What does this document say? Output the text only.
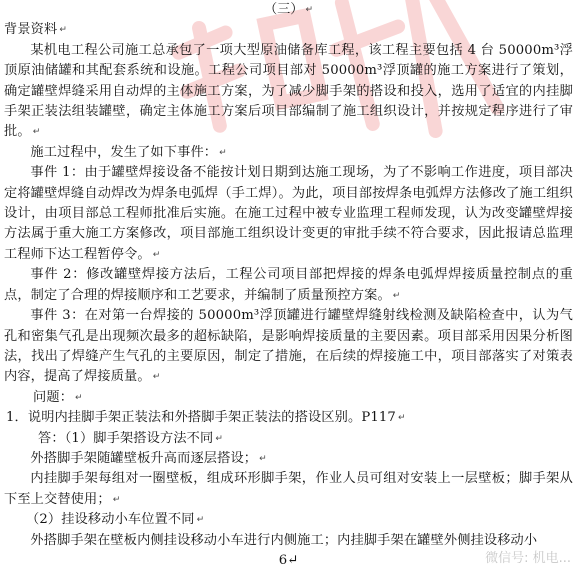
（三） ↵

背景资料 ↵

某机电工程公司施工总承包了一项大型原油储备库工程，该工程主要包括 4 台 50000m³浮顶原油储罐和其配套系统和设施。工程公司项目部对 50000m³浮顶罐的施工方案进行了策划，确定罐壁焊缝采用自动焊的主体施工方案，为了减少脚手架的搭设和投入，选用了适宜的内挂脚手架正装法组装罐壁，确定主体施工方案后项目部编制了施工组织设计，并按规定程序进行了审批。 ↵

施工过程中，发生了如下事件： ↵

事件 1：由于罐壁焊接设备不能按计划日期到达施工现场，为了不影响工作进度，项目部决定将罐壁焊缝自动焊改为焊条电弧焊（手工焊）。为此，项目部按焊条电弧焊方法修改了施工组织设计，由项目部总工程师批准后实施。在施工过程中被专业监理工程师发现，认为改变罐壁焊接方法属于重大施工方案修改，项目部施工组织设计变更的审批手续不符合要求，因此报请总监理工程师下达工程暂停令。 ↵

事件 2：修改罐壁焊接方法后，工程公司项目部把焊接的焊条电弧焊焊接质量控制点的重点，制定了合理的焊接顺序和工艺要求，并编制了质量预控方案。 ↵

事件 3：在对第一台焊接的 50000m³浮顶罐进行罐壁焊缝射线检测及缺陷检查中，认为气孔和密集气孔是出现频次最多的超标缺陷，是影响焊接质量的主要因素。项目部采用因果分析图法，找出了焊缝产生气孔的主要原因，制定了措施，在后续的焊接施工中，项目部落实了对策表内容，提高了焊接质量。 ↵

问题： ↵

1．说明内挂脚手架正装法和外搭脚手架正装法的搭设区别。P117 ↵

答：（1）脚手架搭设方法不同 ↵

外搭脚手架随罐壁板升高而逐层搭设； ↵

内挂脚手架每组对一圈壁板，组成环形脚手架，作业人员可组对安装上一层壁板；脚手架从下至上交替使用； ↵

（2）挂设移动小车位置不同 ↵

外搭脚手架在壁板内侧挂设移动小车进行内侧施工；内挂脚手架在罐壁外侧挂设移动小

6↵	微信号: 机电...
